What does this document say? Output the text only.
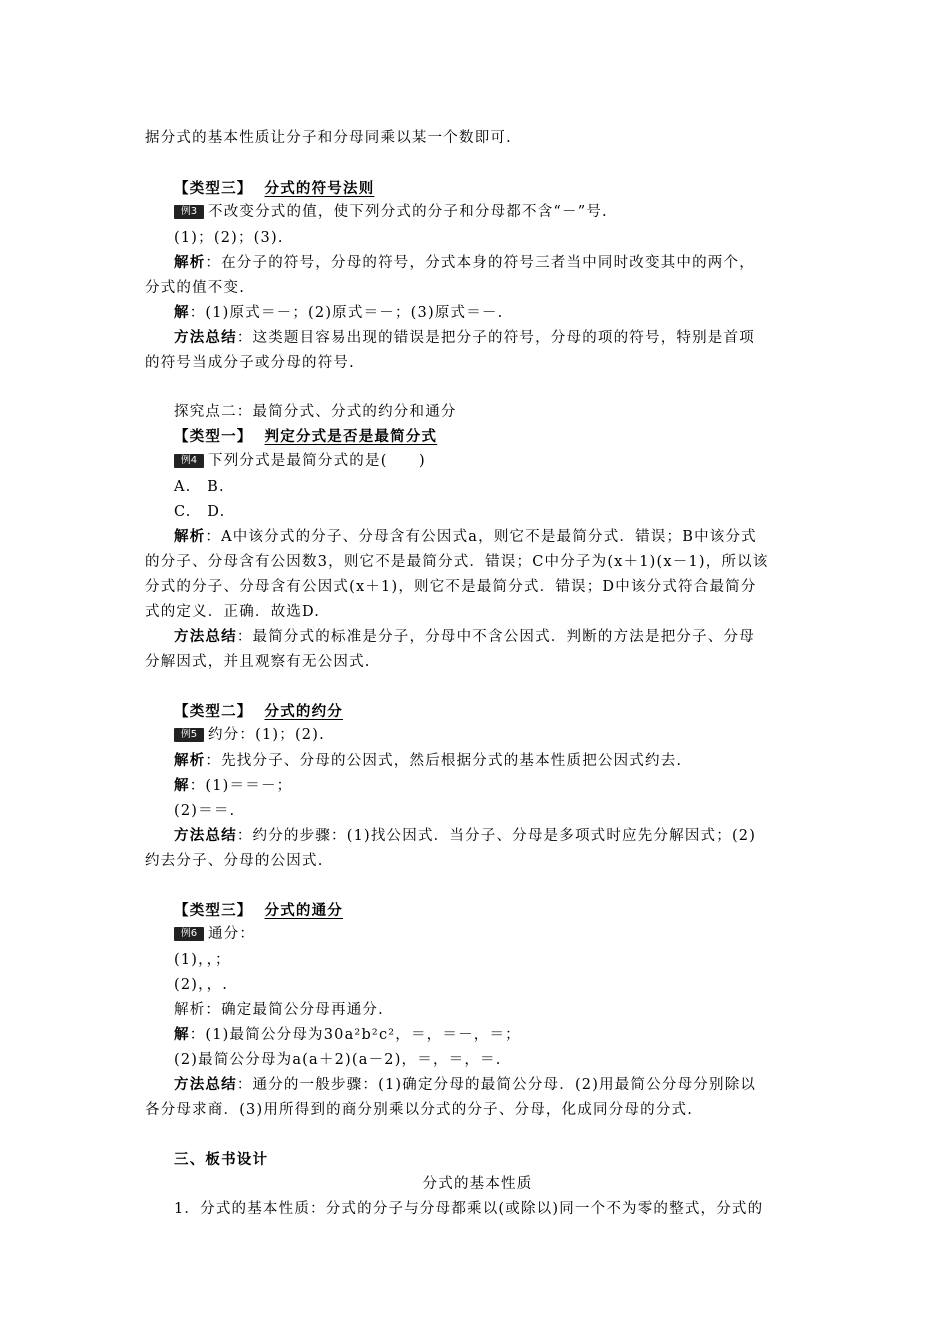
据分式的基本性质让分子和分母同乘以某一个数即可.
【类型三】 分式的符号法则
例3 不改变分式的值，使下列分式的分子和分母都不含“－”号.
(1)；(2)；(3).
解析：在分子的符号，分母的符号，分式本身的符号三者当中同时改变其中的两个，
分式的值不变.
解：(1)原式＝－；(2)原式＝－；(3)原式＝－.
方法总结：这类题目容易出现的错误是把分子的符号，分母的项的符号，特别是首项
的符号当成分子或分母的符号.
探究点二：最简分式、分式的约分和通分
【类型一】 判定分式是否是最简分式
例4 下列分式是最简分式的是(　　)
A.　B.
C.　D.
解析：A中该分式的分子、分母含有公因式a，则它不是最简分式．错误；B中该分式
的分子、分母含有公因数3，则它不是最简分式．错误；C中分子为(x＋1)(x－1)，所以该
分式的分子、分母含有公因式(x＋1)，则它不是最简分式．错误；D中该分式符合最简分
式的定义．正确．故选D.
方法总结：最简分式的标准是分子，分母中不含公因式．判断的方法是把分子、分母
分解因式，并且观察有无公因式.
【类型二】 分式的约分
例5 约分：(1)；(2).
解析：先找分子、分母的公因式，然后根据分式的基本性质把公因式约去.
解：(1)＝＝－；
(2)＝＝.
方法总结：约分的步骤：(1)找公因式．当分子、分母是多项式时应先分解因式；(2)
约去分子、分母的公因式.
【类型三】 分式的通分
例6 通分：
(1)，，；
(2)，，.
解析：确定最简公分母再通分.
解：(1)最简公分母为30a²b²c²，＝，＝－，＝；
(2)最简公分母为a(a＋2)(a－2)，＝，＝，＝.
方法总结：通分的一般步骤：(1)确定分母的最简公分母．(2)用最简公分母分别除以
各分母求商．(3)用所得到的商分别乘以分式的分子、分母，化成同分母的分式.
三、板书设计
分式的基本性质
1．分式的基本性质：分式的分子与分母都乘以(或除以)同一个不为零的整式，分式的
